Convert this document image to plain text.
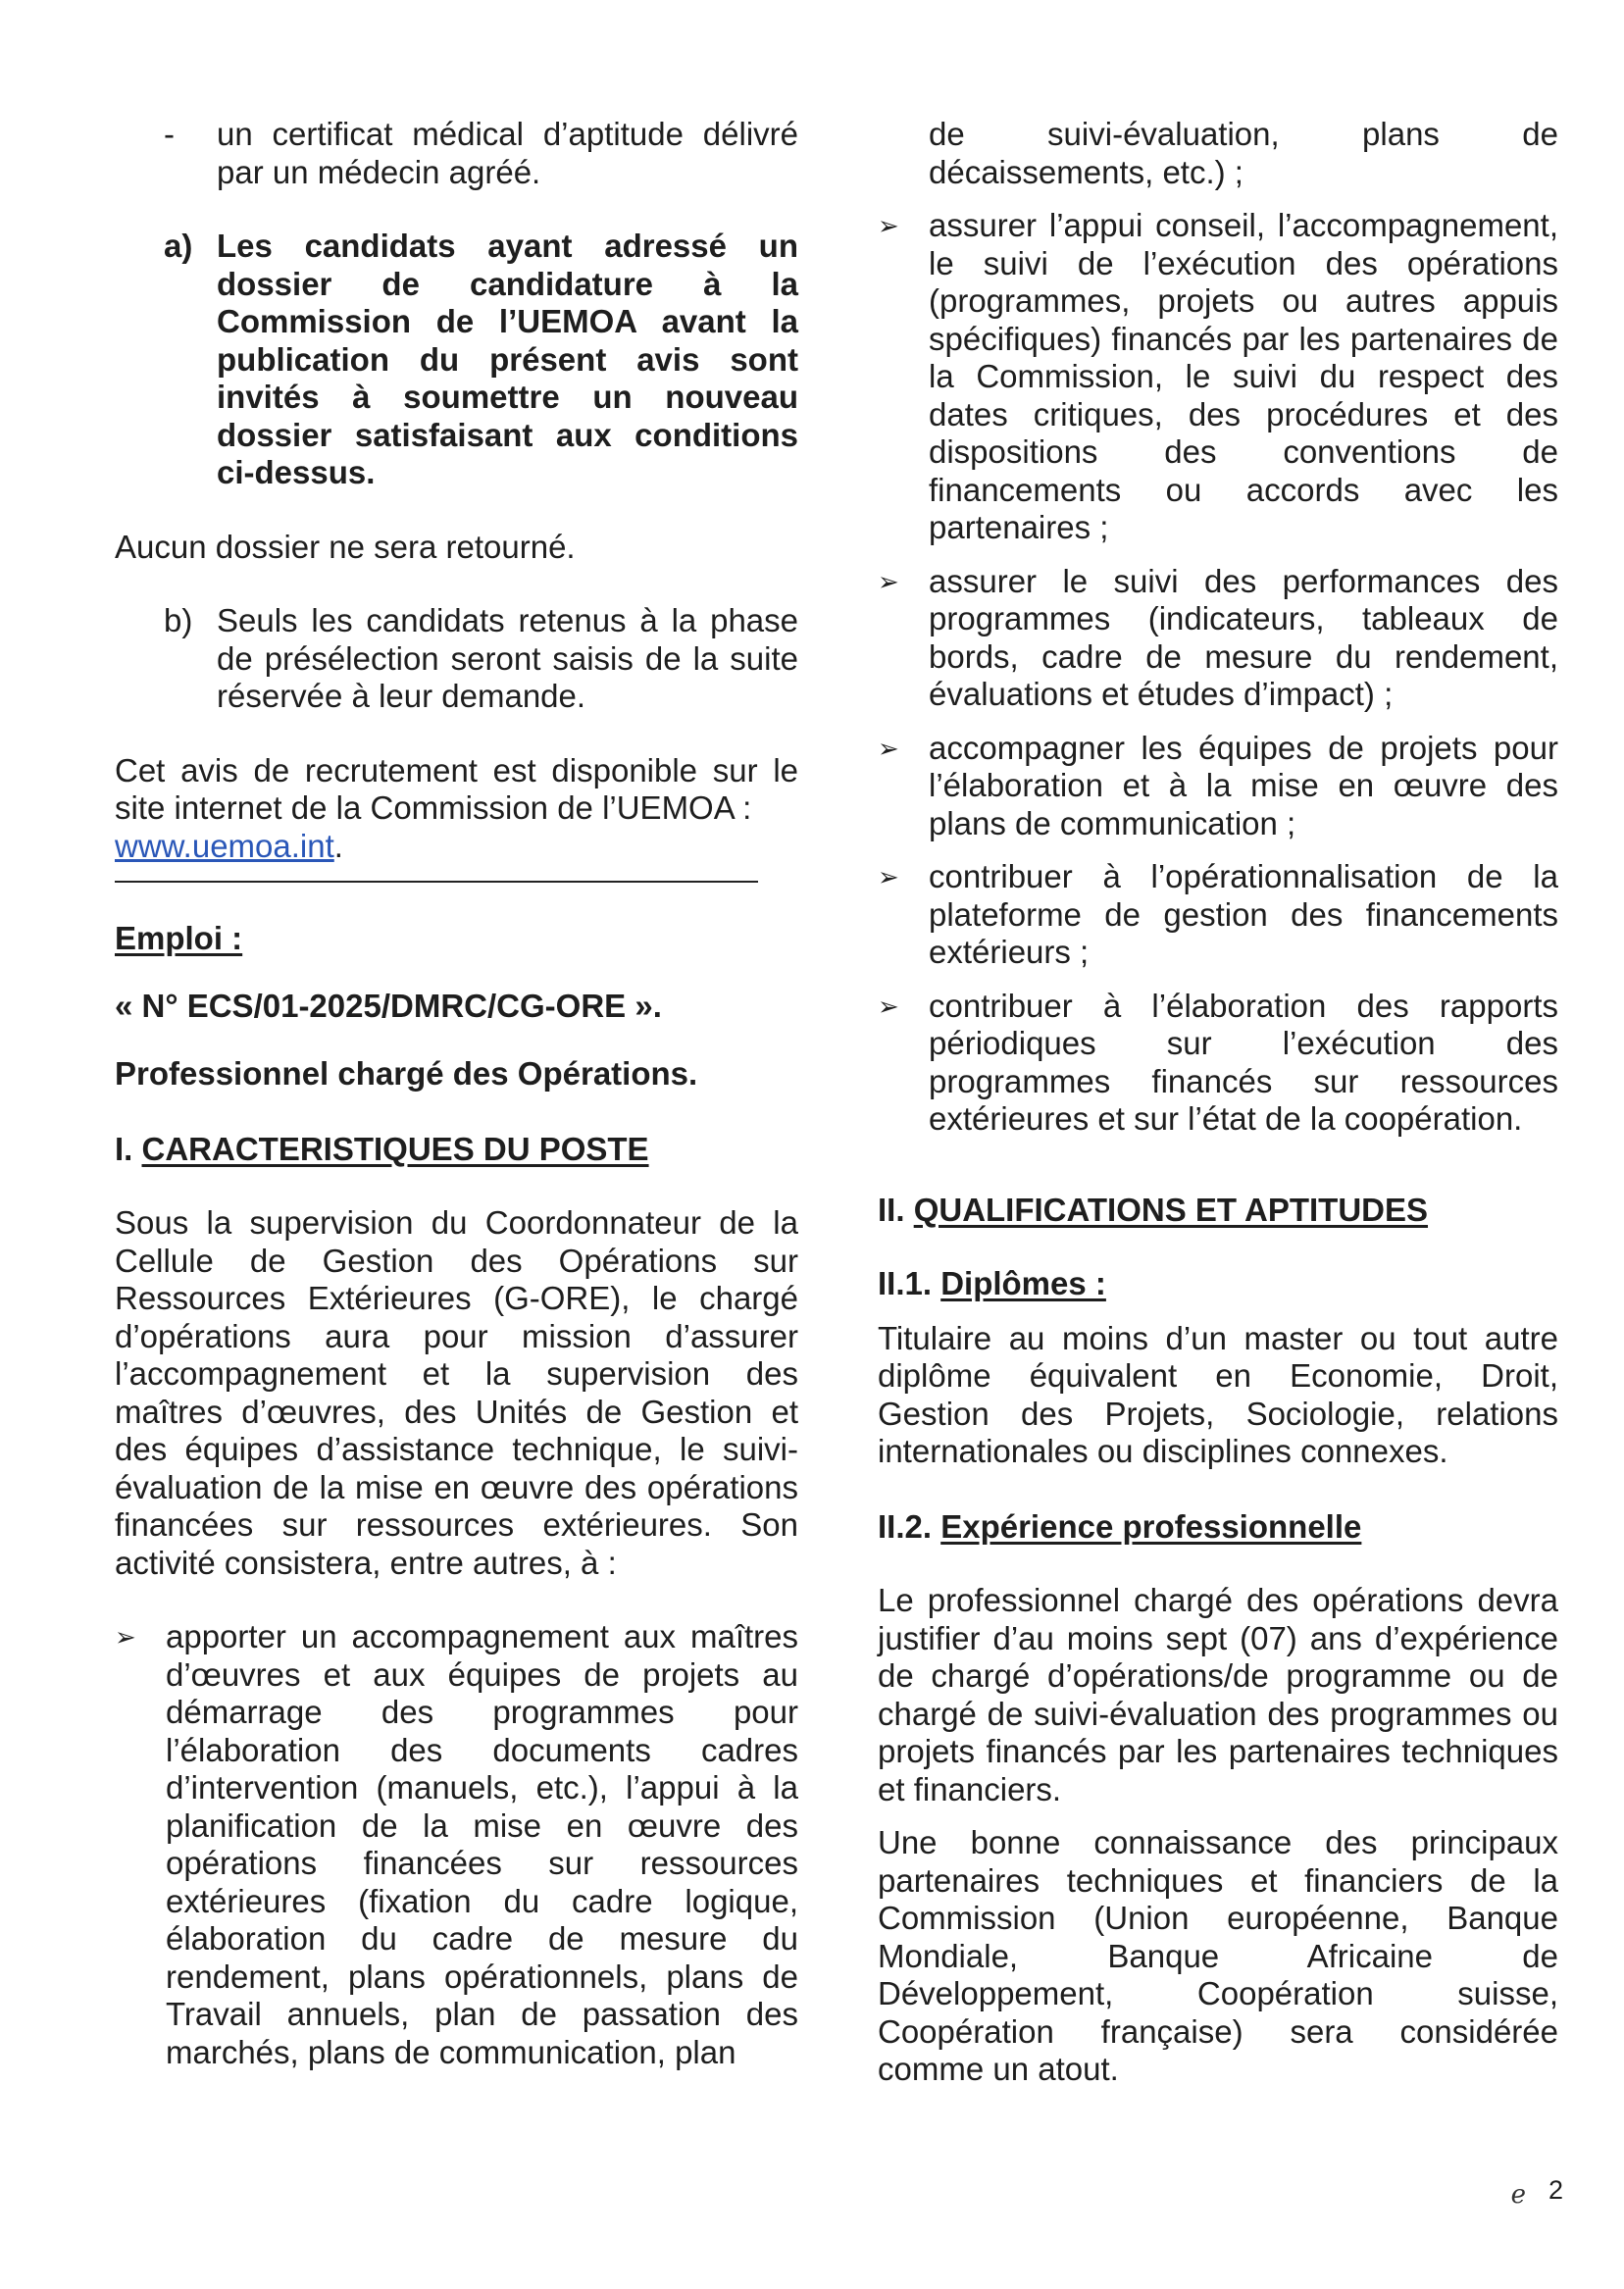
- un certificat médical d’aptitude délivré par un médecin agréé.

a) Les candidats ayant adressé un dossier de candidature à la Commission de l’UEMOA avant la publication du présent avis sont invités à soumettre un nouveau dossier satisfaisant aux conditions ci-dessus.

Aucun dossier ne sera retourné.

b) Seuls les candidats retenus à la phase de présélection seront saisis de la suite réservée à leur demande.

Cet avis de recrutement est disponible sur le site internet de la Commission de l’UEMOA :
www.uemoa.int.

Emploi :

« N° ECS/01-2025/DMRC/CG-ORE ».

Professionnel chargé des Opérations.

I. CARACTERISTIQUES DU POSTE

Sous la supervision du Coordonnateur de la Cellule de Gestion des Opérations sur Ressources Extérieures (G-ORE), le chargé d’opérations aura pour mission d’assurer l’accompagnement et la supervision des maîtres d’œuvres, des Unités de Gestion et des équipes d’assistance technique, le suivi-évaluation de la mise en œuvre des opérations financées sur ressources extérieures. Son activité consistera, entre autres, à :

➢ apporter un accompagnement aux maîtres d’œuvres et aux équipes de projets au démarrage des programmes pour l’élaboration des documents cadres d’intervention (manuels, etc.), l’appui à la planification de la mise en œuvre des opérations financées sur ressources extérieures (fixation du cadre logique, élaboration du cadre de mesure du rendement, plans opérationnels, plans de Travail annuels, plan de passation des marchés, plans de communication, plan

de suivi-évaluation, plans de décaissements, etc.) ;

➢ assurer l’appui conseil, l’accompagnement, le suivi de l’exécution des opérations (programmes, projets ou autres appuis spécifiques) financés par les partenaires de la Commission, le suivi du respect des dates critiques, des procédures et des dispositions des conventions de financements ou accords avec les partenaires ;

➢ assurer le suivi des performances des programmes (indicateurs, tableaux de bords, cadre de mesure du rendement, évaluations et études d’impact) ;

➢ accompagner les équipes de projets pour l’élaboration et à la mise en œuvre des plans de communication ;

➢ contribuer à l’opérationnalisation de la plateforme de gestion des financements extérieurs ;

➢ contribuer à l’élaboration des rapports périodiques sur l’exécution des programmes financés sur ressources extérieures et sur l’état de la coopération.

II. QUALIFICATIONS ET APTITUDES

II.1. Diplômes :

Titulaire au moins d’un master ou tout autre diplôme équivalent en Economie, Droit, Gestion des Projets, Sociologie, relations internationales ou disciplines connexes.

II.2. Expérience professionnelle

Le professionnel chargé des opérations devra justifier d’au moins sept (07) ans d’expérience de chargé d’opérations/de programme ou de chargé de suivi-évaluation des programmes ou projets financés par les partenaires techniques et financiers.

Une bonne connaissance des principaux partenaires techniques et financiers de la Commission (Union européenne, Banque Mondiale, Banque Africaine de Développement, Coopération suisse, Coopération française) sera considérée comme un atout.

e 2
